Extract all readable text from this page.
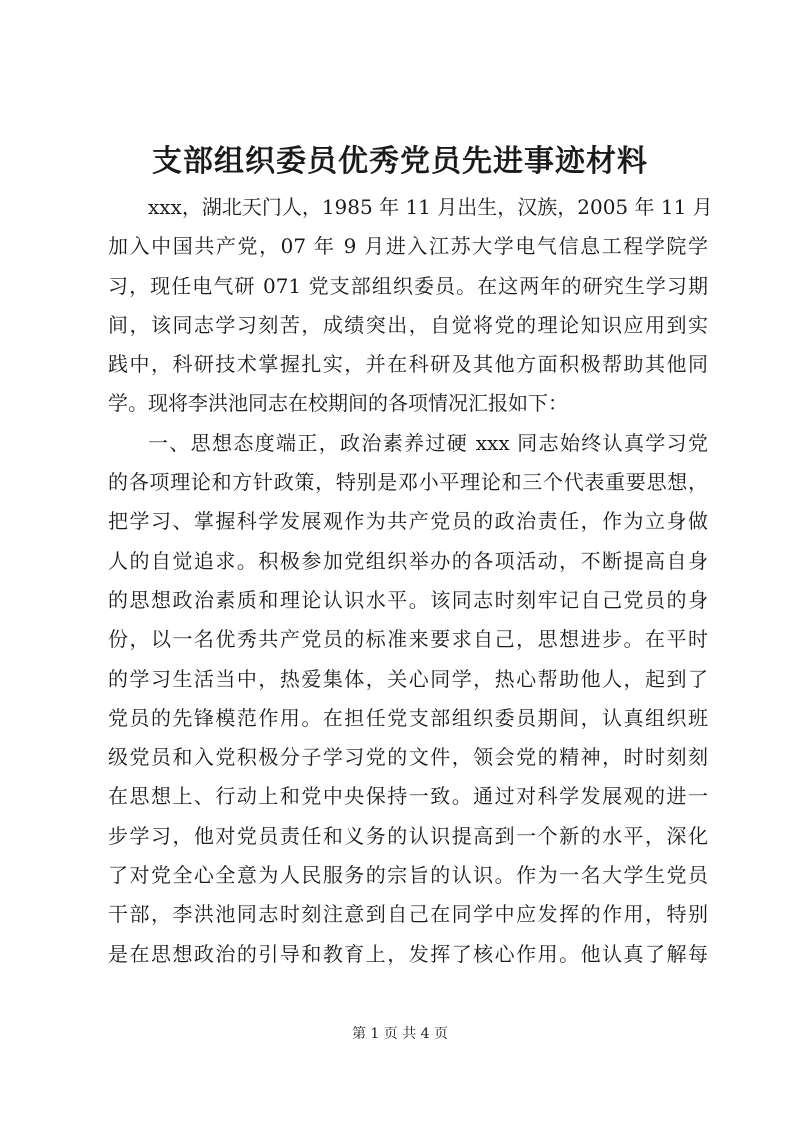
支部组织委员优秀党员先进事迹材料
xxx，湖北天门人，1985 年 11 月出生，汉族，2005 年 11 月
加入中国共产党，07 年 9 月进入江苏大学电气信息工程学院学
习，现任电气研 071 党支部组织委员。在这两年的研究生学习期
间，该同志学习刻苦，成绩突出，自觉将党的理论知识应用到实
践中，科研技术掌握扎实，并在科研及其他方面积极帮助其他同
学。现将李洪池同志在校期间的各项情况汇报如下：
一、思想态度端正，政治素养过硬 xxx 同志始终认真学习党
的各项理论和方针政策，特别是邓小平理论和三个代表重要思想，
把学习、掌握科学发展观作为共产党员的政治责任，作为立身做
人的自觉追求。积极参加党组织举办的各项活动，不断提高自身
的思想政治素质和理论认识水平。该同志时刻牢记自己党员的身
份，以一名优秀共产党员的标准来要求自己，思想进步。在平时
的学习生活当中，热爱集体，关心同学，热心帮助他人，起到了
党员的先锋模范作用。在担任党支部组织委员期间，认真组织班
级党员和入党积极分子学习党的文件，领会党的精神，时时刻刻
在思想上、行动上和党中央保持一致。通过对科学发展观的进一
步学习，他对党员责任和义务的认识提高到一个新的水平，深化
了对党全心全意为人民服务的宗旨的认识。作为一名大学生党员
干部，李洪池同志时刻注意到自己在同学中应发挥的作用，特别
是在思想政治的引导和教育上，发挥了核心作用。他认真了解每
第 1 页 共 4 页
